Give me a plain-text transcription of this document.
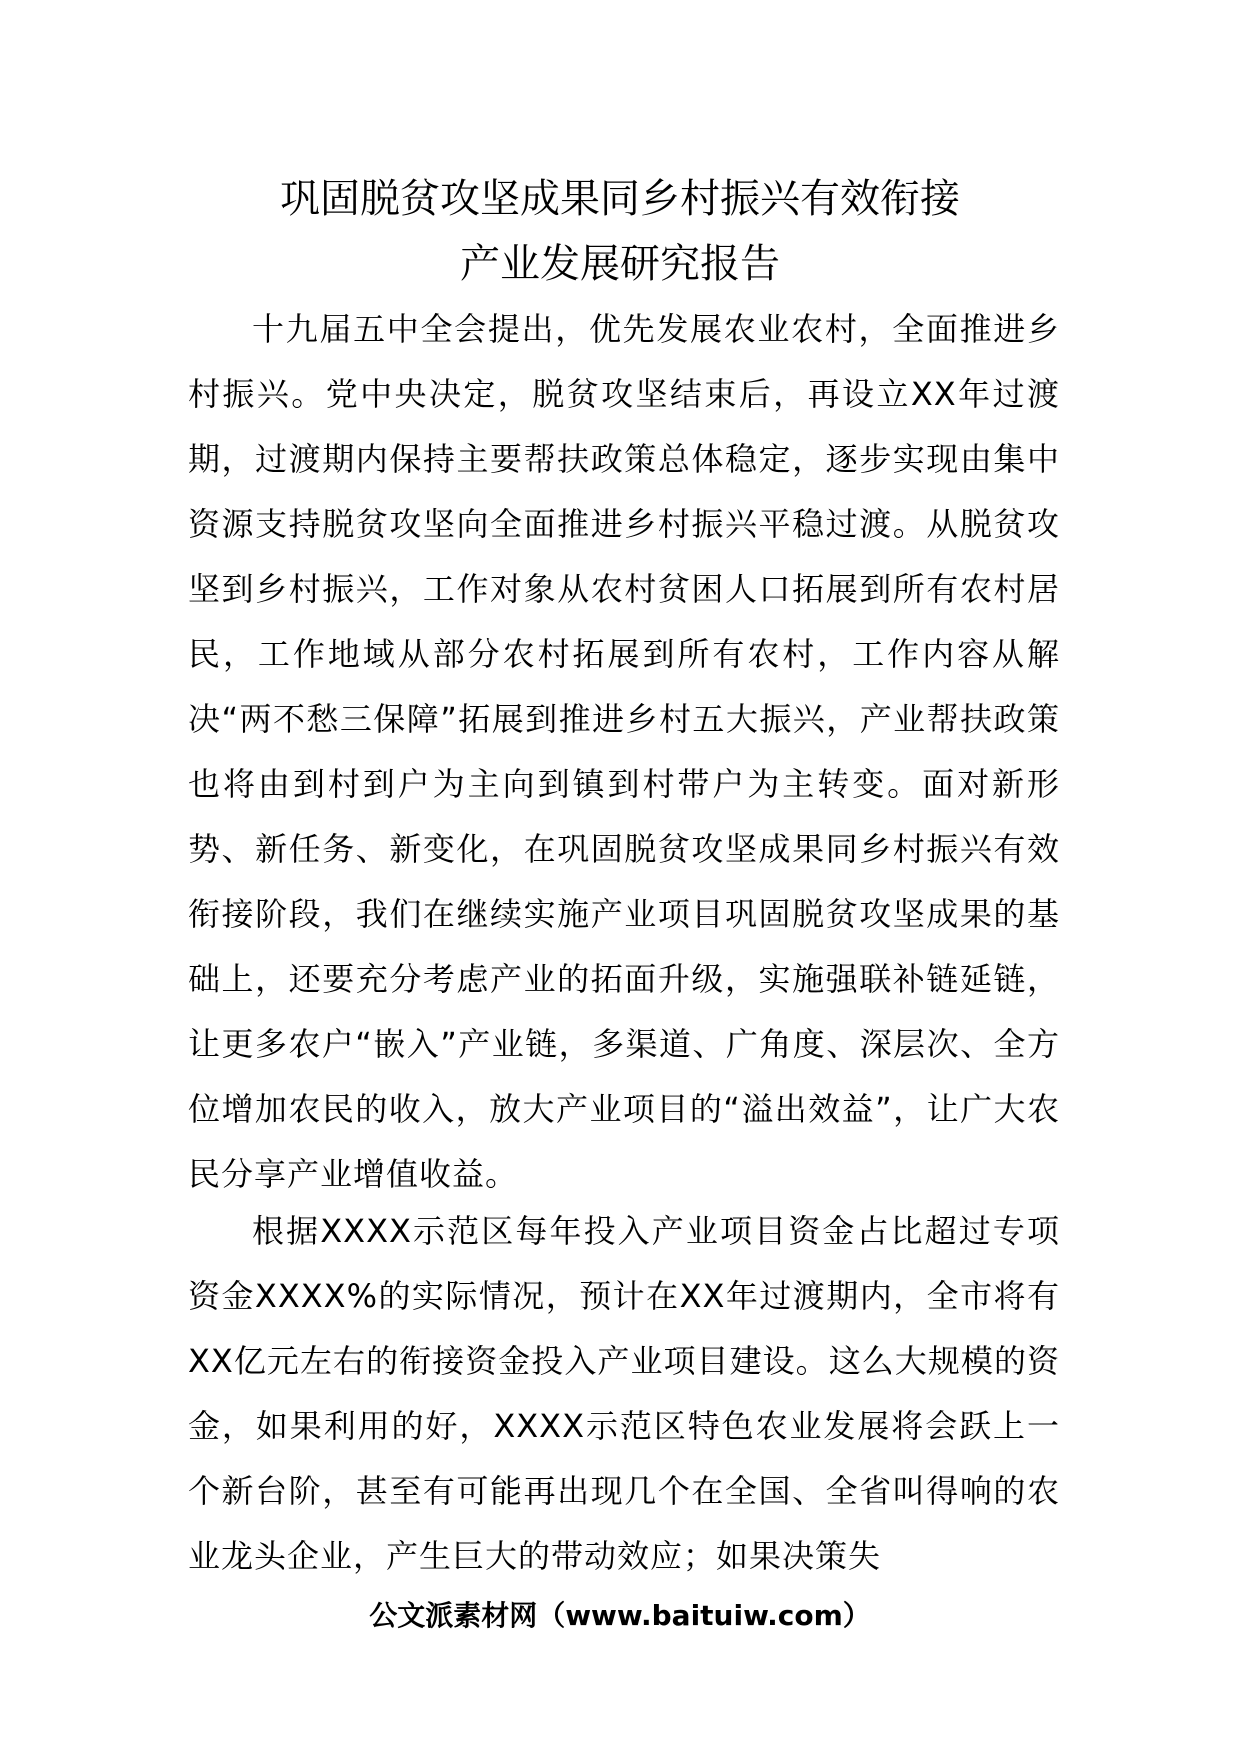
巩固脱贫攻坚成果同乡村振兴有效衔接
产业发展研究报告

十九届五中全会提出，优先发展农业农村，全面推进乡村振兴。党中央决定，脱贫攻坚结束后，再设立XX年过渡期，过渡期内保持主要帮扶政策总体稳定，逐步实现由集中资源支持脱贫攻坚向全面推进乡村振兴平稳过渡。从脱贫攻坚到乡村振兴，工作对象从农村贫困人口拓展到所有农村居民，工作地域从部分农村拓展到所有农村，工作内容从解决“两不愁三保障”拓展到推进乡村五大振兴，产业帮扶政策也将由到村到户为主向到镇到村带户为主转变。面对新形势、新任务、新变化，在巩固脱贫攻坚成果同乡村振兴有效衔接阶段，我们在继续实施产业项目巩固脱贫攻坚成果的基础上，还要充分考虑产业的拓面升级，实施强联补链延链，让更多农户“嵌入”产业链，多渠道、广角度、深层次、全方位增加农民的收入，放大产业项目的“溢出效益”，让广大农民分享产业增值收益。

根据XXXX示范区每年投入产业项目资金占比超过专项资金XXXX%的实际情况，预计在XX年过渡期内，全市将有XX亿元左右的衔接资金投入产业项目建设。这么大规模的资金，如果利用的好，XXXX示范区特色农业发展将会跃上一个新台阶，甚至有可能再出现几个在全国、全省叫得响的农业龙头企业，产生巨大的带动效应；如果决策失

公文派素材网（www.baituiw.com）
